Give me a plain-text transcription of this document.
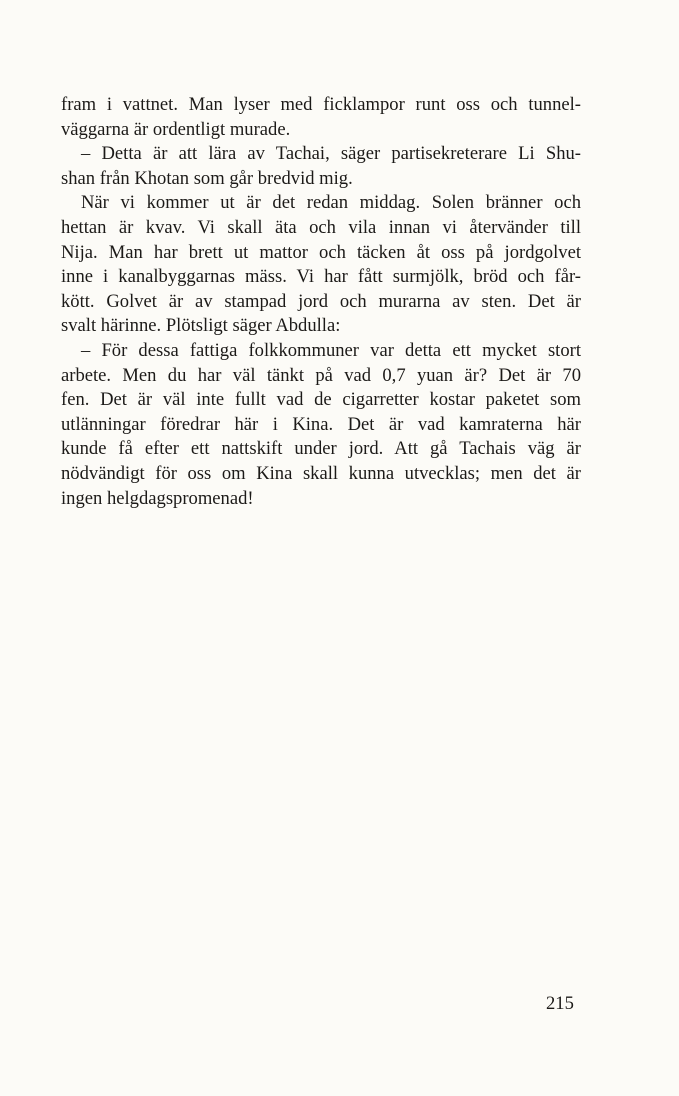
fram i vattnet. Man lyser med ficklampor runt oss och tunnel-
väggarna är ordentligt murade.
– Detta är att lära av Tachai, säger partisekreterare Li Shu-
shan från Khotan som går bredvid mig.
När vi kommer ut är det redan middag. Solen bränner och
hettan är kvav. Vi skall äta och vila innan vi återvänder till
Nija. Man har brett ut mattor och täcken åt oss på jordgolvet
inne i kanalbyggarnas mäss. Vi har fått surmjölk, bröd och får-
kött. Golvet är av stampad jord och murarna av sten. Det är
svalt härinne. Plötsligt säger Abdulla:
– För dessa fattiga folkkommuner var detta ett mycket stort
arbete. Men du har väl tänkt på vad 0,7 yuan är? Det är 70
fen. Det är väl inte fullt vad de cigarretter kostar paketet som
utlänningar föredrar här i Kina. Det är vad kamraterna här
kunde få efter ett nattskift under jord. Att gå Tachais väg är
nödvändigt för oss om Kina skall kunna utvecklas; men det är
ingen helgdagspromenad!
215
